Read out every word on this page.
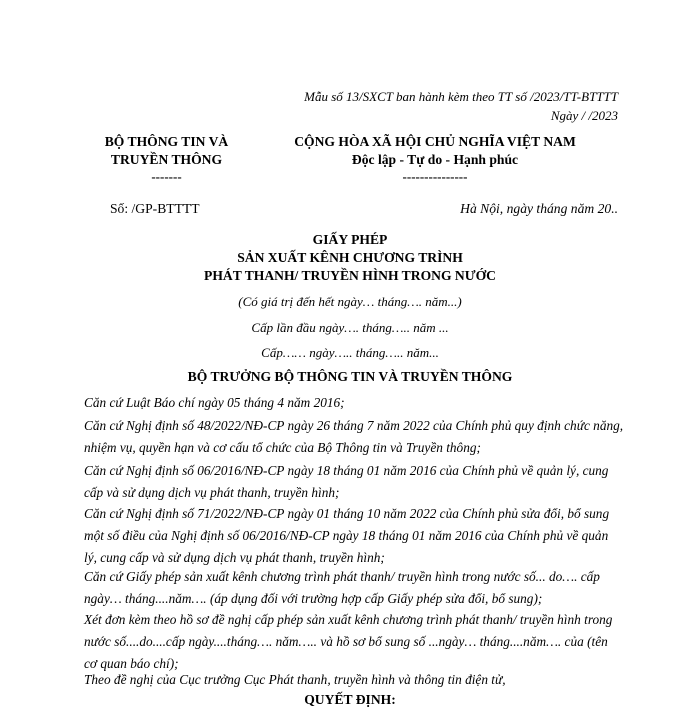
Mẫu số 13/SXCT ban hành kèm theo TT số /2023/TT-BTTTT
Ngày / /2023
BỘ THÔNG TIN VÀ
TRUYỀN THÔNG
-------
CỘNG HÒA XÃ HỘI CHỦ NGHĨA VIỆT NAM
Độc lập - Tự do - Hạnh phúc
---------------
Số: /GP-BTTTT	Hà Nội, ngày tháng năm 20..
GIẤY PHÉP
SẢN XUẤT KÊNH CHƯƠNG TRÌNH
PHÁT THANH/ TRUYỀN HÌNH TRONG NƯỚC
(Có giá trị đến hết ngày… tháng…. năm...)
Cấp lần đầu ngày…. tháng….. năm ...
Cấp…… ngày….. tháng….. năm...
BỘ TRƯỞNG BỘ THÔNG TIN VÀ TRUYỀN THÔNG
Căn cứ Luật Báo chí ngày 05 tháng 4 năm 2016;
Căn cứ Nghị định số 48/2022/NĐ-CP ngày 26 tháng 7 năm 2022 của Chính phủ quy định chức năng, nhiệm vụ, quyền hạn và cơ cấu tổ chức của Bộ Thông tin và Truyền thông;
Căn cứ Nghị định số 06/2016/NĐ-CP ngày 18 tháng 01 năm 2016 của Chính phủ về quản lý, cung cấp và sử dụng dịch vụ phát thanh, truyền hình;
Căn cứ Nghị định số 71/2022/NĐ-CP ngày 01 tháng 10 năm 2022 của Chính phủ sửa đổi, bổ sung một số điều của Nghị định số 06/2016/NĐ-CP ngày 18 tháng 01 năm 2016 của Chính phủ về quản lý, cung cấp và sử dụng dịch vụ phát thanh, truyền hình;
Căn cứ Giấy phép sản xuất kênh chương trình phát thanh/ truyền hình trong nước số... do…. cấp ngày… tháng....năm…. (áp dụng đối với trường hợp cấp Giấy phép sửa đổi, bổ sung);
Xét đơn kèm theo hồ sơ đề nghị cấp phép sản xuất kênh chương trình phát thanh/ truyền hình trong nước số....do....cấp ngày....tháng…. năm….. và hồ sơ bổ sung số ...ngày… tháng....năm…. của (tên cơ quan báo chí);
Theo đề nghị của Cục trưởng Cục Phát thanh, truyền hình và thông tin điện tử,
QUYẾT ĐỊNH:
